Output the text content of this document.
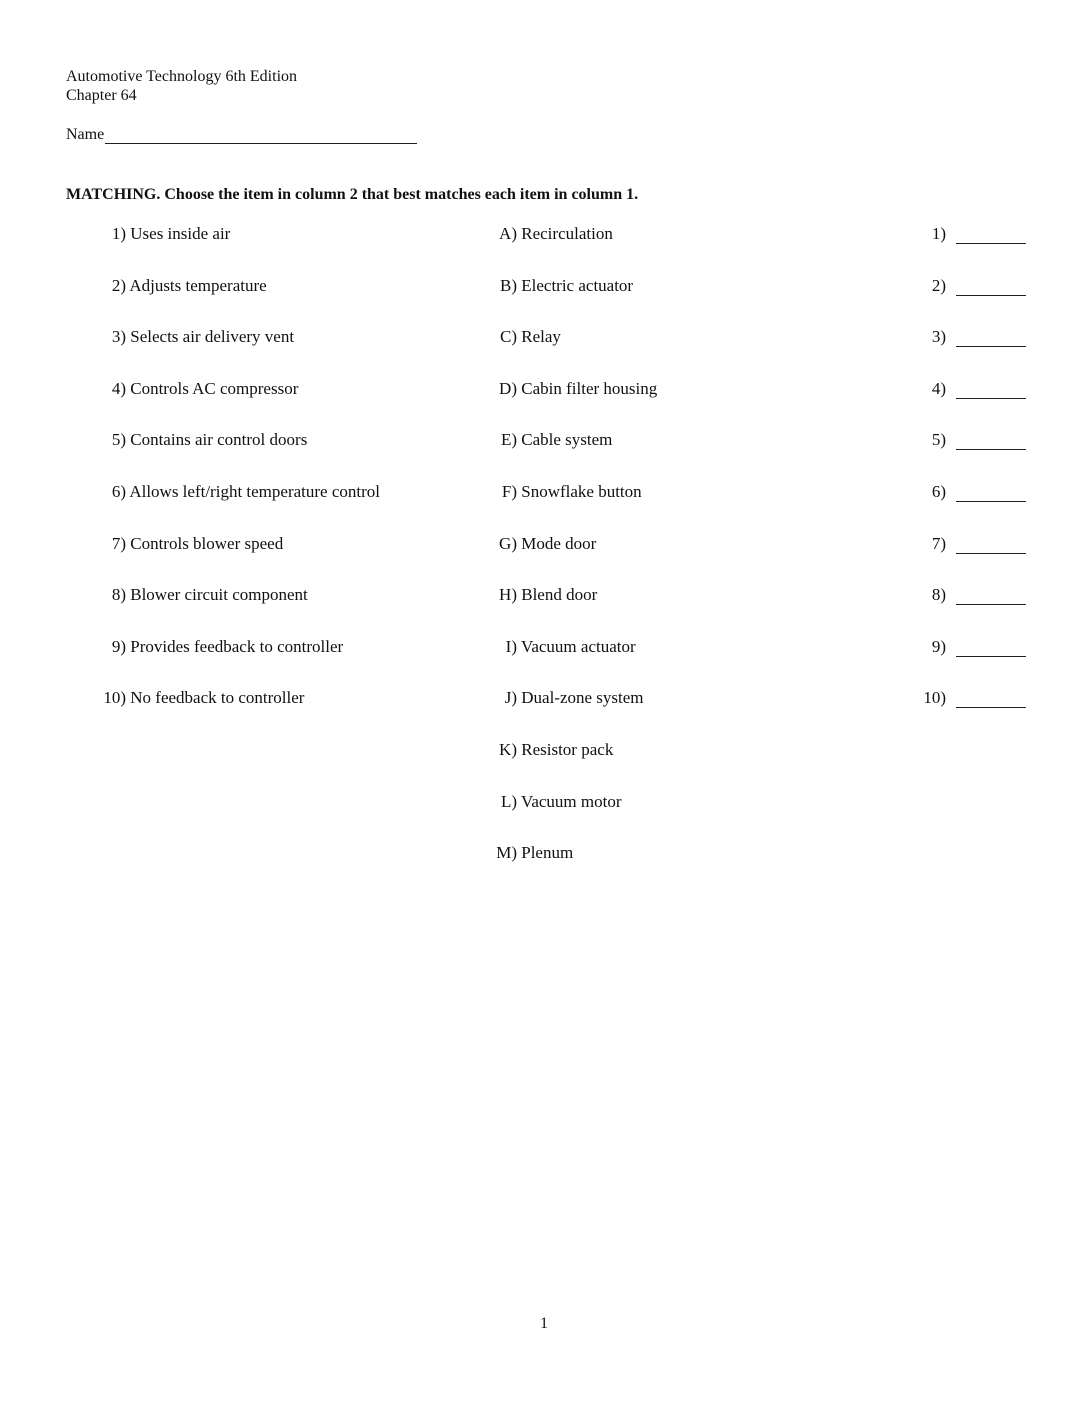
Automotive Technology 6th Edition
Chapter 64
Name
MATCHING. Choose the item in column 2 that best matches each item in column 1.
1) Uses inside air
2) Adjusts temperature
3) Selects air delivery vent
4) Controls AC compressor
5) Contains air control doors
6) Allows left/right temperature control
7) Controls blower speed
8) Blower circuit component
9) Provides feedback to controller
10) No feedback to controller
A) Recirculation
B) Electric actuator
C) Relay
D) Cabin filter housing
E) Cable system
F) Snowflake button
G) Mode door
H) Blend door
I) Vacuum actuator
J) Dual-zone system
K) Resistor pack
L) Vacuum motor
M) Plenum
1)
2)
3)
4)
5)
6)
7)
8)
9)
10)
1
